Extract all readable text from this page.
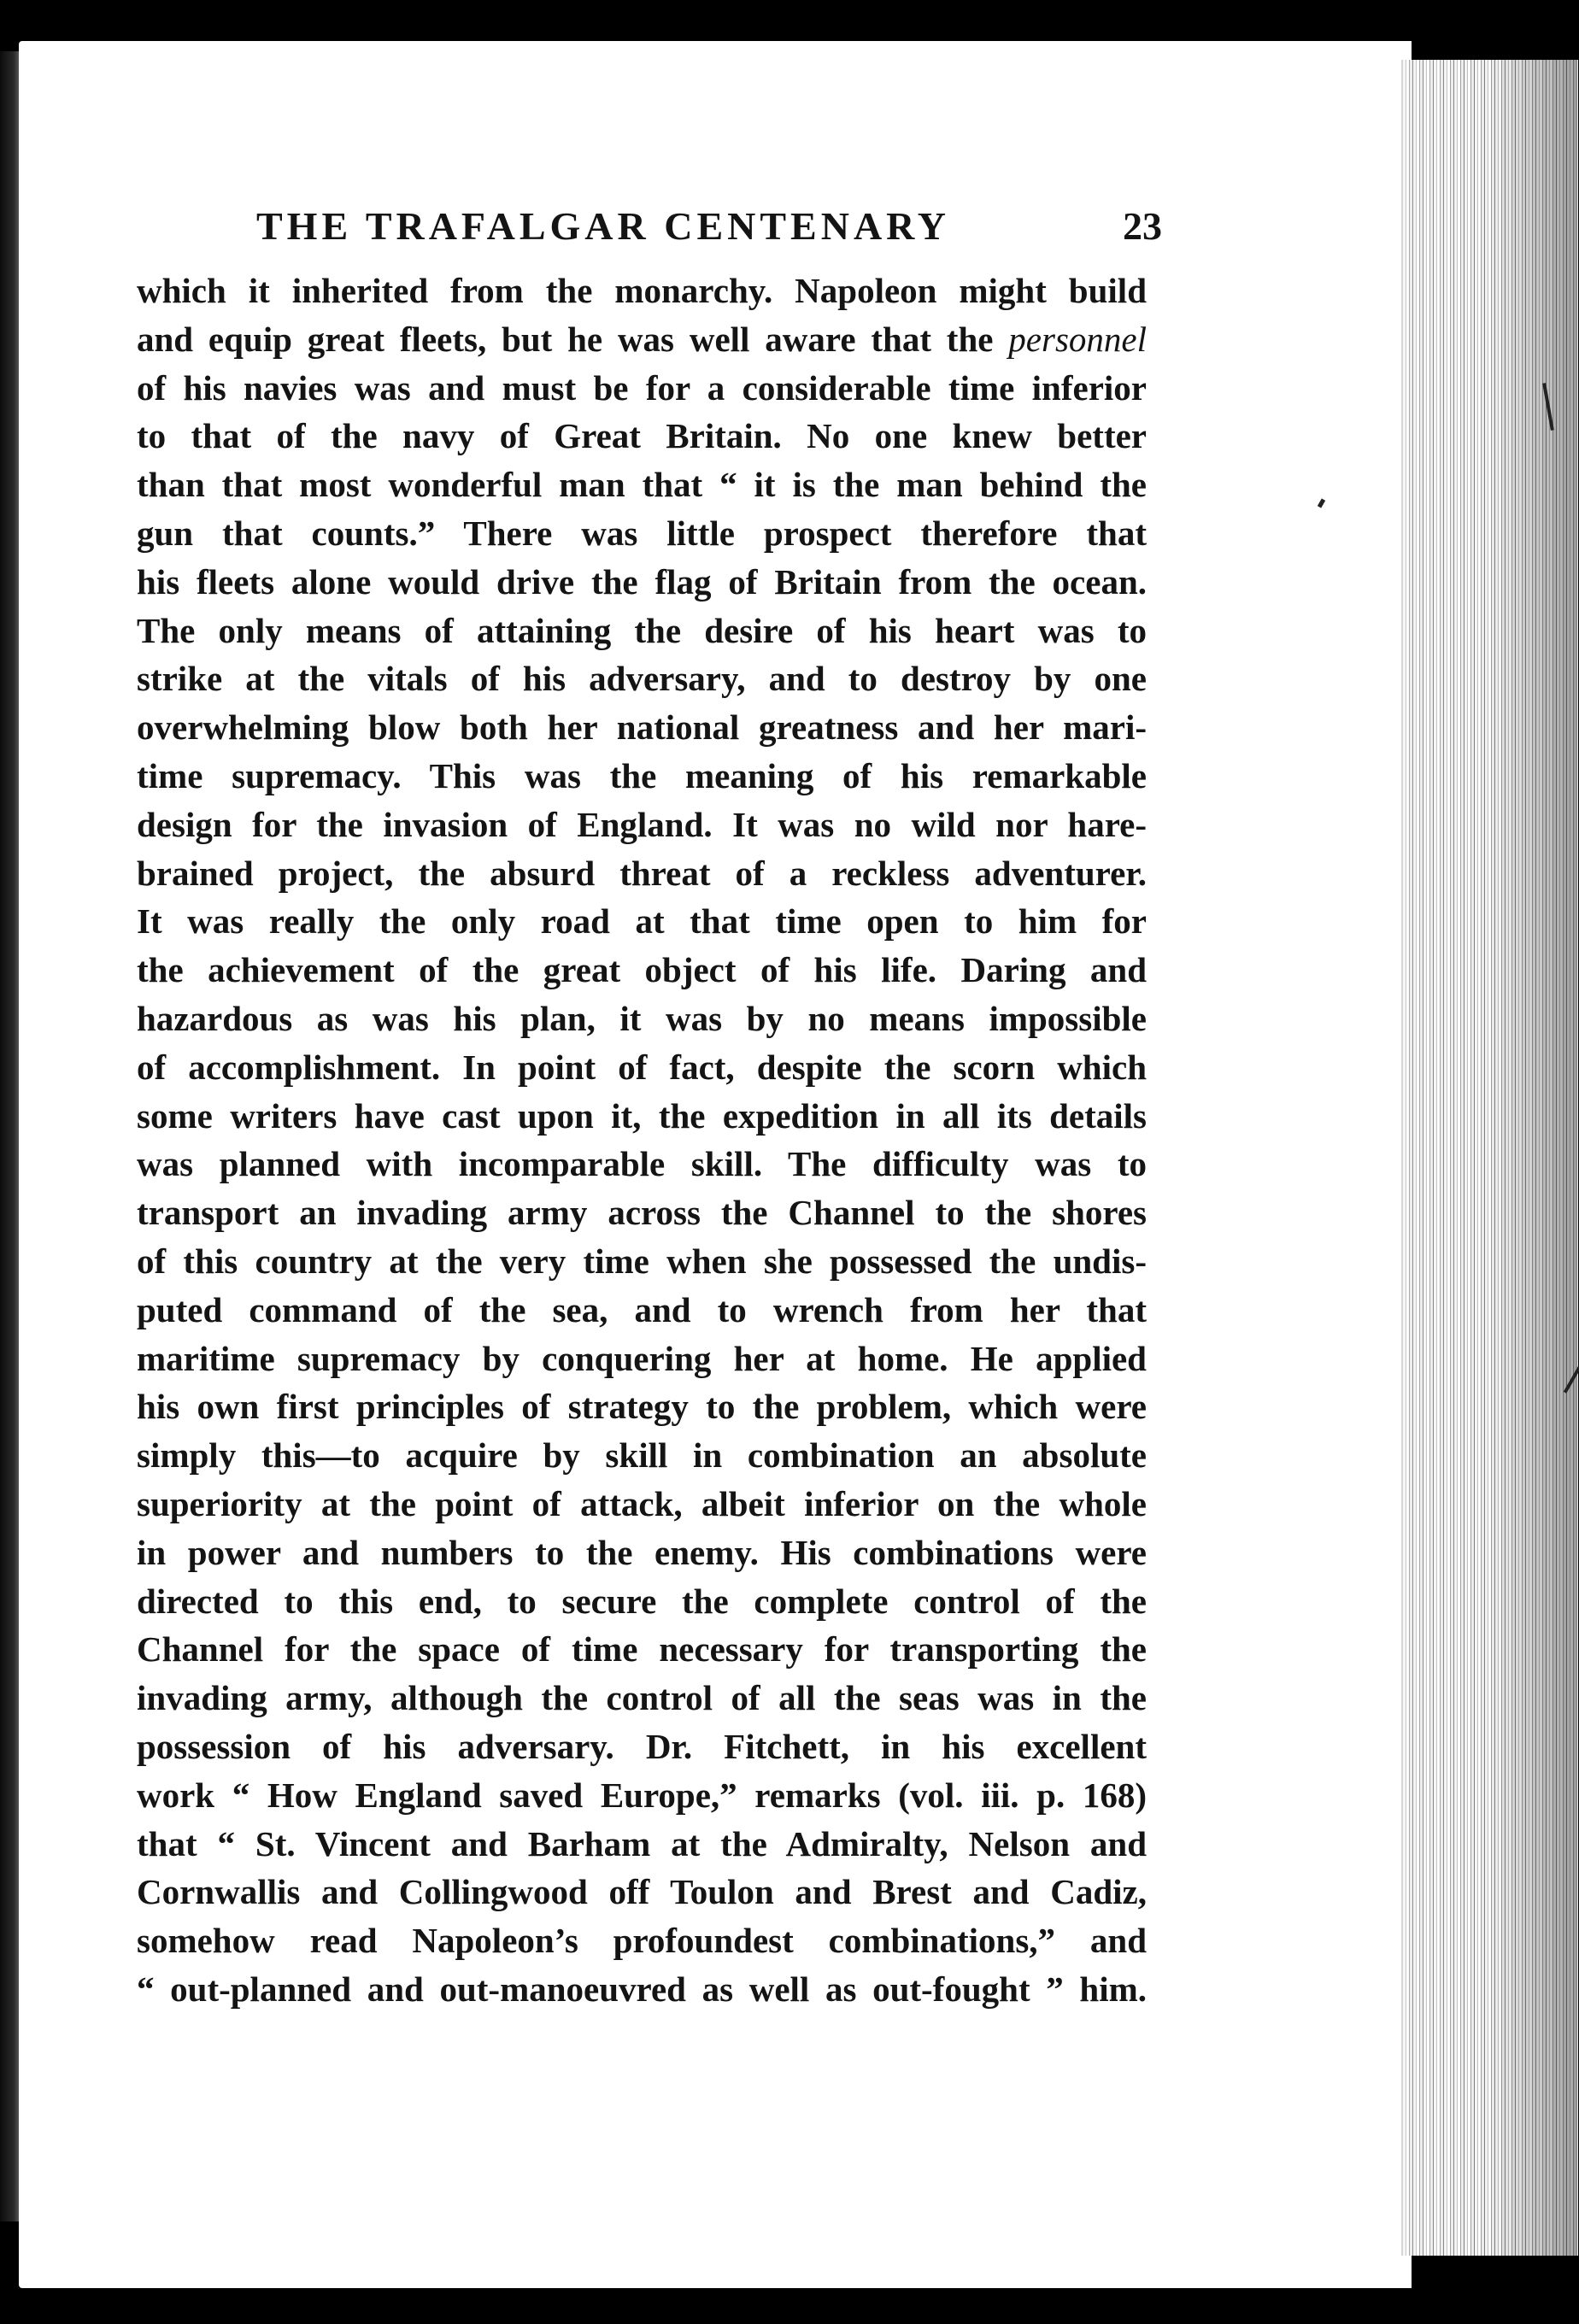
THE TRAFALGAR CENTENARY	23
which it inherited from the monarchy. Napoleon might build
and equip great fleets, but he was well aware that the personnel
of his navies was and must be for a considerable time inferior
to that of the navy of Great Britain. No one knew better
than that most wonderful man that “ it is the man behind the
gun that counts.” There was little prospect therefore that
his fleets alone would drive the flag of Britain from the ocean.
The only means of attaining the desire of his heart was to
strike at the vitals of his adversary, and to destroy by one
overwhelming blow both her national greatness and her mari-
time supremacy. This was the meaning of his remarkable
design for the invasion of England. It was no wild nor hare-
brained project, the absurd threat of a reckless adventurer.
It was really the only road at that time open to him for
the achievement of the great object of his life. Daring and
hazardous as was his plan, it was by no means impossible
of accomplishment. In point of fact, despite the scorn which
some writers have cast upon it, the expedition in all its details
was planned with incomparable skill. The difficulty was to
transport an invading army across the Channel to the shores
of this country at the very time when she possessed the undis-
puted command of the sea, and to wrench from her that
maritime supremacy by conquering her at home. He applied
his own first principles of strategy to the problem, which were
simply this—to acquire by skill in combination an absolute
superiority at the point of attack, albeit inferior on the whole
in power and numbers to the enemy. His combinations were
directed to this end, to secure the complete control of the
Channel for the space of time necessary for transporting the
invading army, although the control of all the seas was in the
possession of his adversary. Dr. Fitchett, in his excellent
work “ How England saved Europe,” remarks (vol. iii. p. 168)
that “ St. Vincent and Barham at the Admiralty, Nelson and
Cornwallis and Collingwood off Toulon and Brest and Cadiz,
somehow read Napoleon’s profoundest combinations,” and
“ out-planned and out-manoeuvred as well as out-fought ” him.
